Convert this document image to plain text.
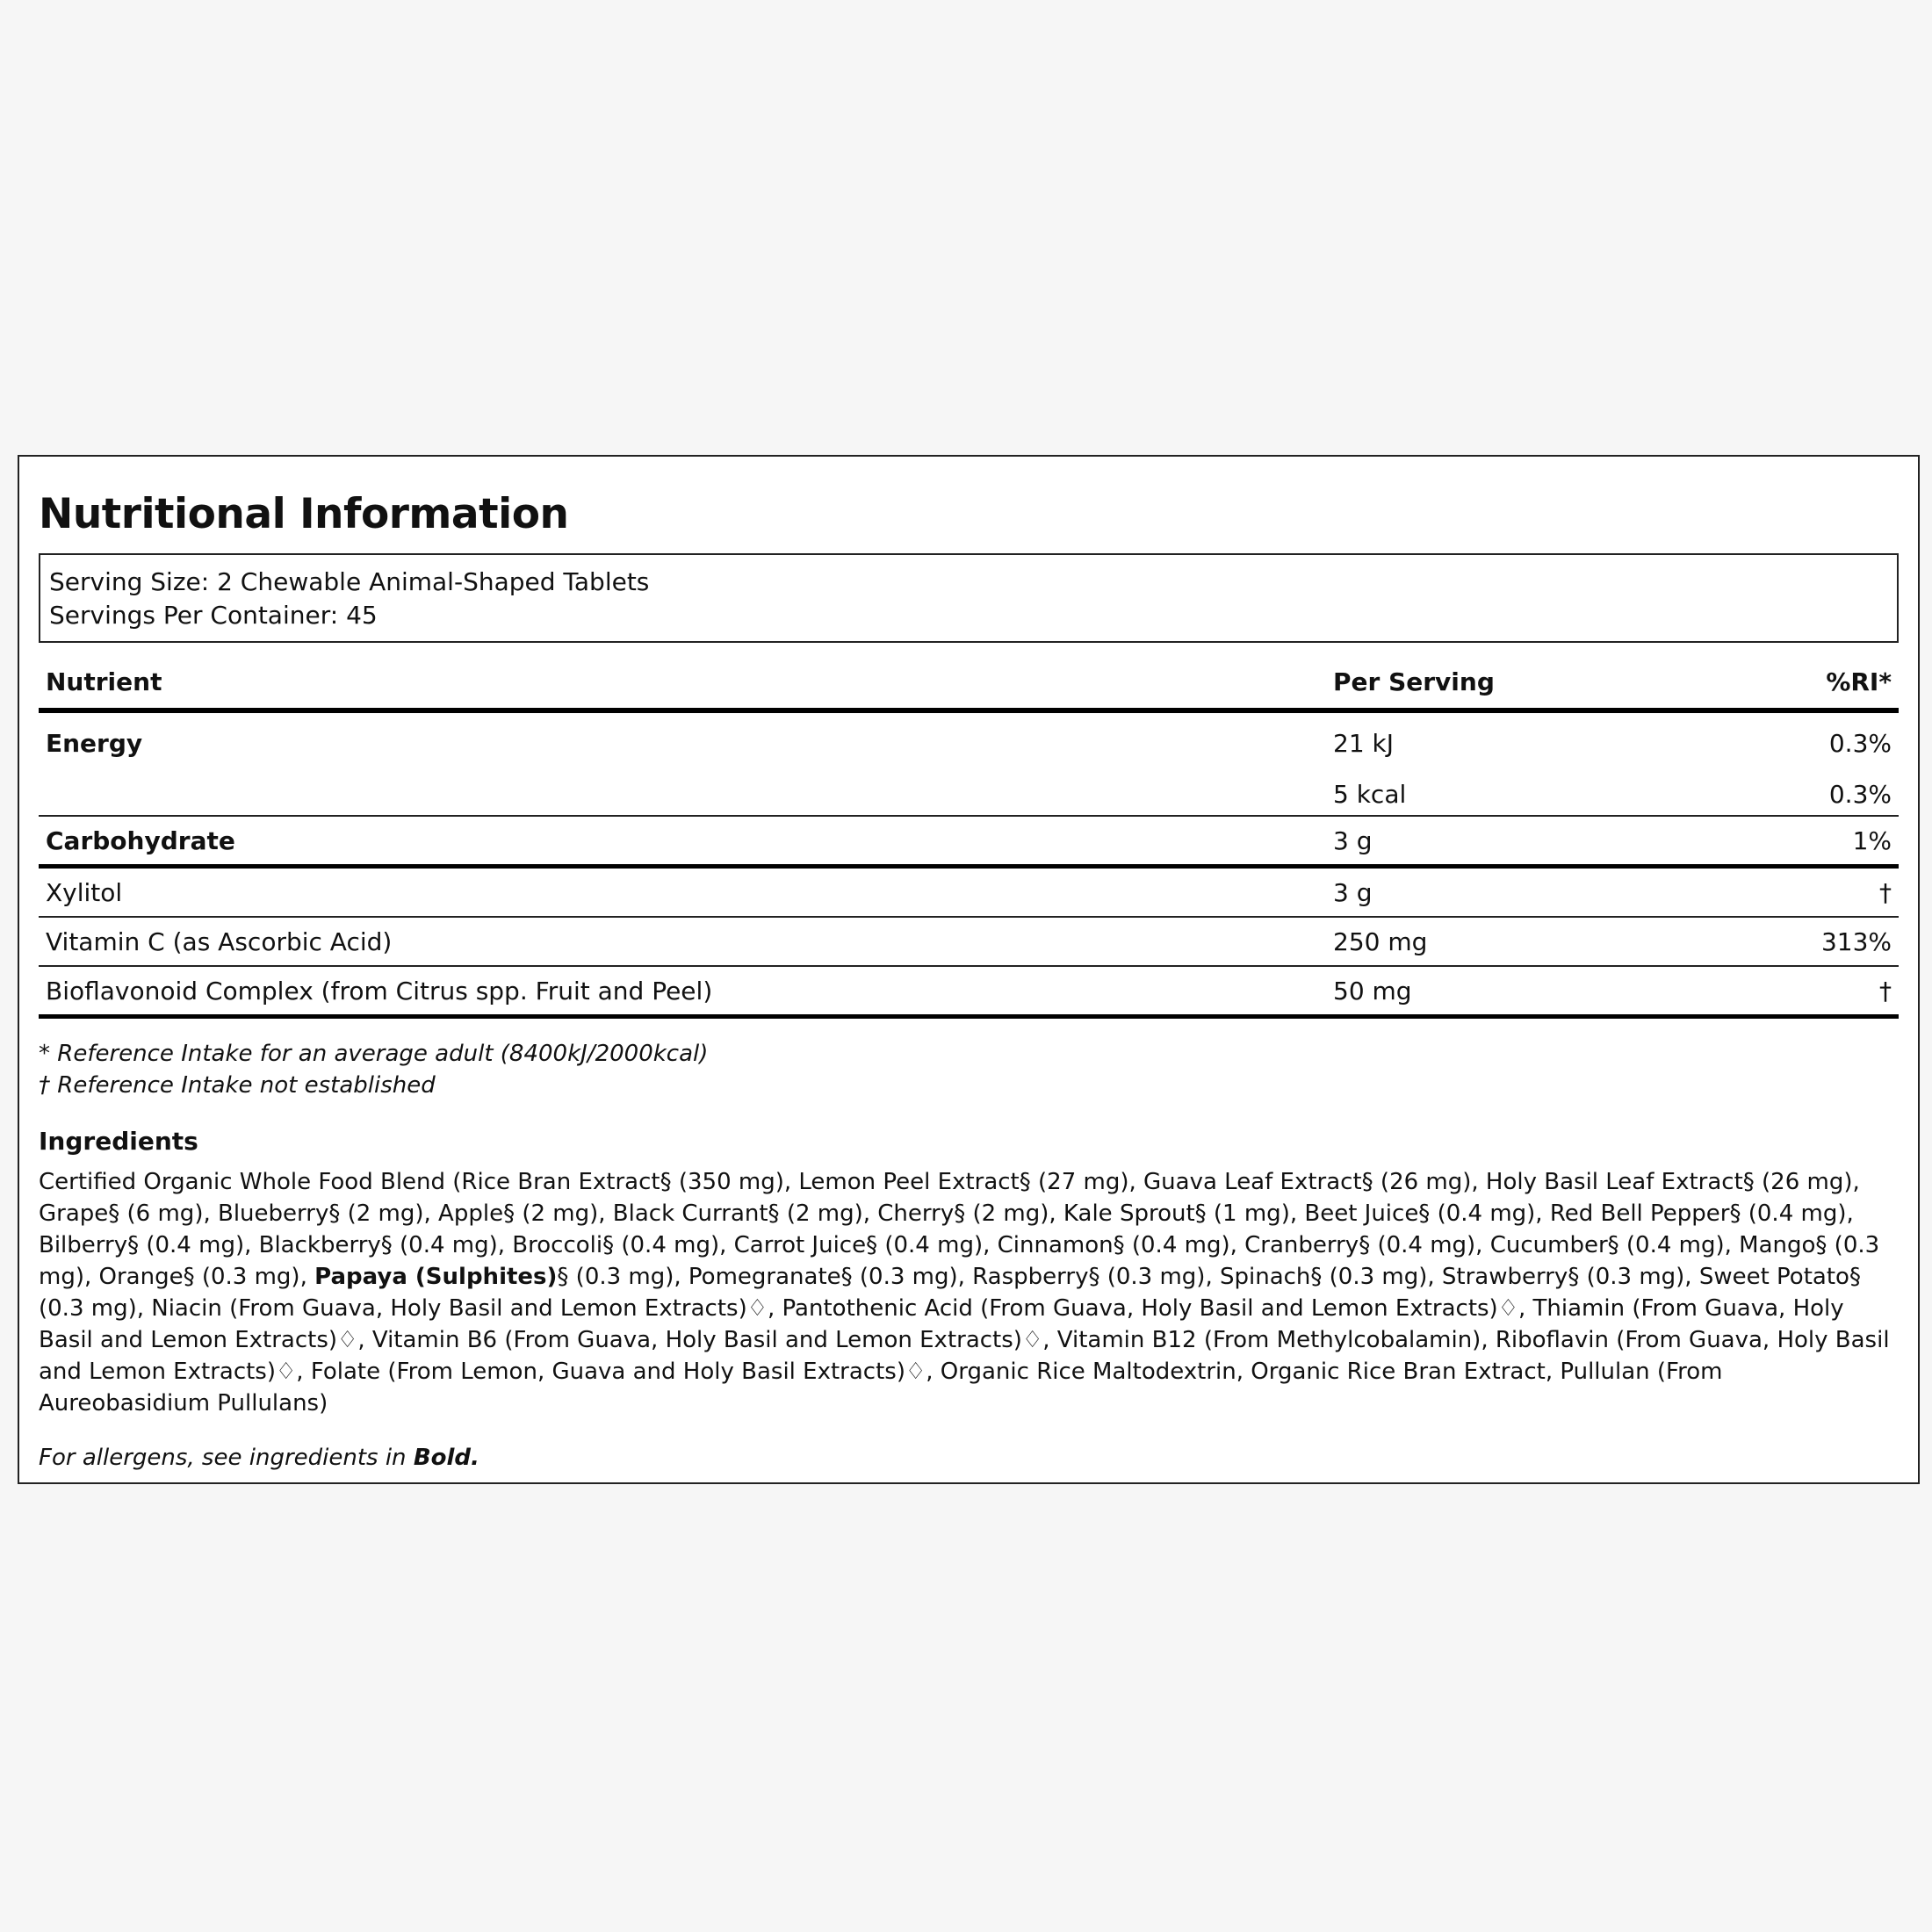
Nutritional Information
Serving Size: 2 Chewable Animal-Shaped Tablets
Servings Per Container: 45
Nutrient	Per Serving	%RI*
Energy	21 kJ	0.3%
	5 kcal	0.3%
Carbohydrate	3 g	1%
Xylitol	3 g	†
Vitamin C (as Ascorbic Acid)	250 mg	313%
Bioflavonoid Complex (from Citrus spp. Fruit and Peel)	50 mg	†
* Reference Intake for an average adult (8400kJ/2000kcal)
† Reference Intake not established
Ingredients
Certified Organic Whole Food Blend (Rice Bran Extract§ (350 mg), Lemon Peel Extract§ (27 mg), Guava Leaf Extract§ (26 mg), Holy Basil Leaf Extract§ (26 mg), Grape§ (6 mg), Blueberry§ (2 mg), Apple§ (2 mg), Black Currant§ (2 mg), Cherry§ (2 mg), Kale Sprout§ (1 mg), Beet Juice§ (0.4 mg), Red Bell Pepper§ (0.4 mg), Bilberry§ (0.4 mg), Blackberry§ (0.4 mg), Broccoli§ (0.4 mg), Carrot Juice§ (0.4 mg), Cinnamon§ (0.4 mg), Cranberry§ (0.4 mg), Cucumber§ (0.4 mg), Mango§ (0.3 mg), Orange§ (0.3 mg), Papaya (Sulphites)§ (0.3 mg), Pomegranate§ (0.3 mg), Raspberry§ (0.3 mg), Spinach§ (0.3 mg), Strawberry§ (0.3 mg), Sweet Potato§ (0.3 mg), Niacin (From Guava, Holy Basil and Lemon Extracts)♢, Pantothenic Acid (From Guava, Holy Basil and Lemon Extracts)♢, Thiamin (From Guava, Holy Basil and Lemon Extracts)♢, Vitamin B6 (From Guava, Holy Basil and Lemon Extracts)♢, Vitamin B12 (From Methylcobalamin), Riboflavin (From Guava, Holy Basil and Lemon Extracts)♢, Folate (From Lemon, Guava and Holy Basil Extracts)♢, Organic Rice Maltodextrin, Organic Rice Bran Extract, Pullulan (From Aureobasidium Pullulans)
For allergens, see ingredients in Bold.
